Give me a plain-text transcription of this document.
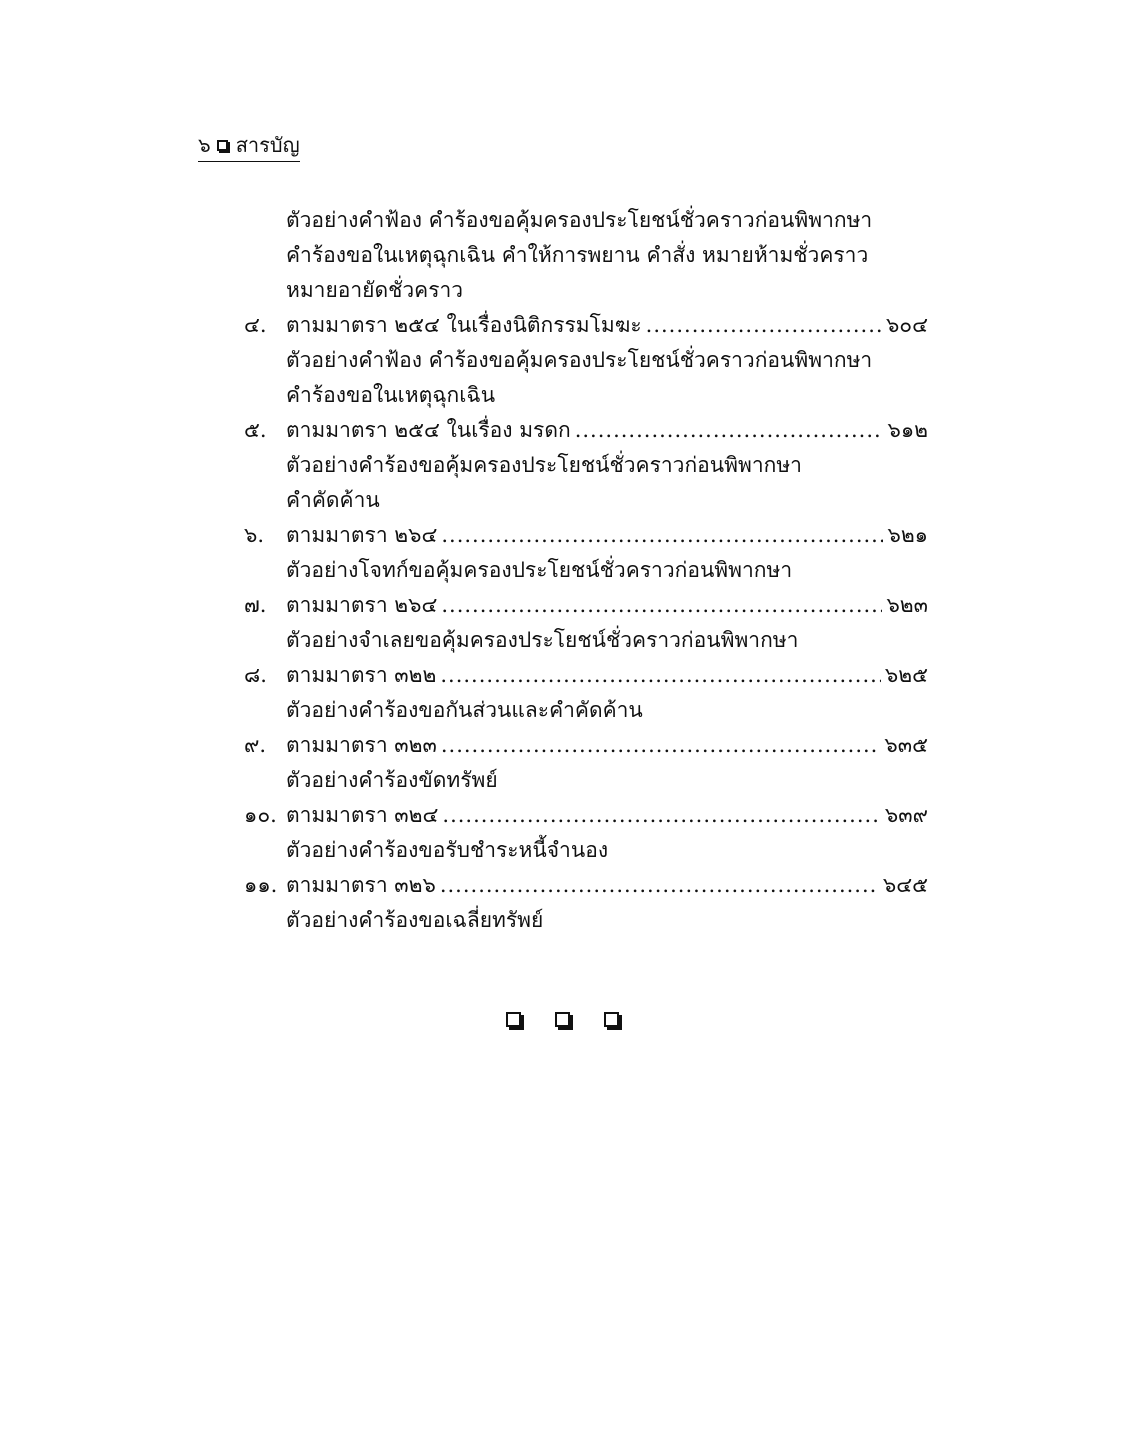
๖ สารบัญ
ตัวอย่างคำฟ้อง คำร้องขอคุ้มครองประโยชน์ชั่วคราวก่อนพิพากษา
คำร้องขอในเหตุฉุกเฉิน คำให้การพยาน คำสั่ง หมายห้ามชั่วคราว
หมายอายัดชั่วคราว
๔. ตามมาตรา ๒๕๔ ในเรื่องนิติกรรมโมฆะ .....	๖๐๔
ตัวอย่างคำฟ้อง คำร้องขอคุ้มครองประโยชน์ชั่วคราวก่อนพิพากษา
คำร้องขอในเหตุฉุกเฉิน
๕. ตามมาตรา ๒๕๔ ในเรื่อง มรดก .....	๖๑๒
ตัวอย่างคำร้องขอคุ้มครองประโยชน์ชั่วคราวก่อนพิพากษา
คำคัดค้าน
๖.	ตามมาตรา ๒๖๔ .....	๖๒๑
ตัวอย่างโจทก์ขอคุ้มครองประโยชน์ชั่วคราวก่อนพิพากษา
๗. ตามมาตรา ๒๖๔ .....	๖๒๓
ตัวอย่างจำเลยขอคุ้มครองประโยชน์ชั่วคราวก่อนพิพากษา
๘. ตามมาตรา ๓๒๒ .....	๖๒๕
ตัวอย่างคำร้องขอกันส่วนและคำคัดค้าน
๙. ตามมาตรา ๓๒๓ .....	๖๓๕
ตัวอย่างคำร้องขัดทรัพย์
๑๐. ตามมาตรา ๓๒๔ .....	๖๓๙
ตัวอย่างคำร้องขอรับชำระหนี้จำนอง
๑๑. ตามมาตรา ๓๒๖ .....	๖๔๕
ตัวอย่างคำร้องขอเฉลี่ยทรัพย์
